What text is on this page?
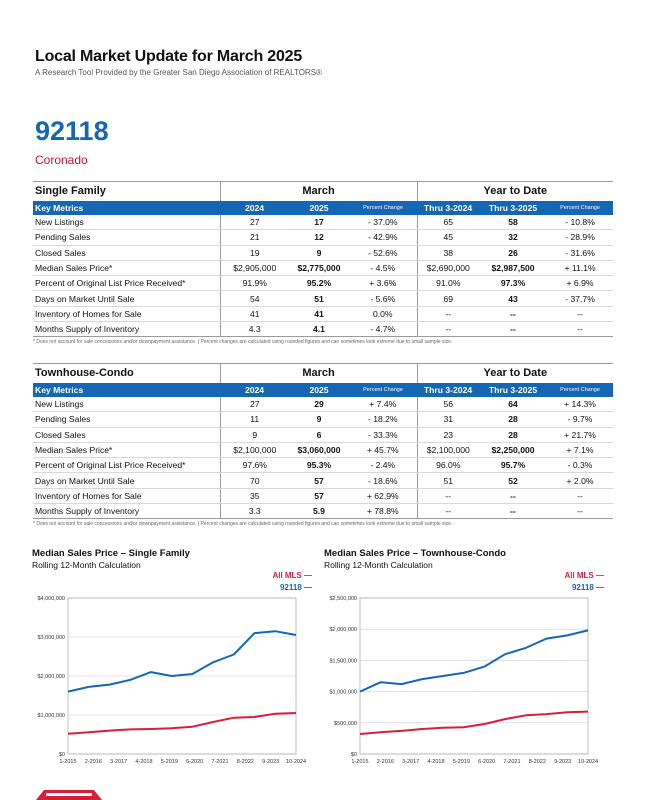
Local Market Update for March 2025
A Research Tool Provided by the Greater San Diego Association of REALTORS®
92118
Coronado
Single Family	March			Year to Date		
Key Metrics	2024	2025	Percent Change	Thru 3-2024	Thru 3-2025	Percent Change
New Listings	27	17	- 37.0%	65	58	- 10.8%
Pending Sales	21	12	- 42.9%	45	32	- 28.9%
Closed Sales	19	9	- 52.6%	38	26	- 31.6%
Median Sales Price*	$2,905,000	$2,775,000	- 4.5%	$2,690,000	$2,987,500	+ 11.1%
Percent of Original List Price Received*	91.9%	95.2%	+ 3.6%	91.0%	97.3%	+ 6.9%
Days on Market Until Sale	54	51	- 5.6%	69	43	- 37.7%
Inventory of Homes for Sale	41	41	0.0%	--	--	--
Months Supply of Inventory	4.3	4.1	- 4.7%	--	--	--
* Does not account for sale concessions and/or downpayment assistance. | Percent changes are calculated using rounded figures and can sometimes look extreme due to small sample size.
Townhouse-Condo	March			Year to Date		
Key Metrics	2024	2025	Percent Change	Thru 3-2024	Thru 3-2025	Percent Change
New Listings	27	29	+ 7.4%	56	64	+ 14.3%
Pending Sales	11	9	- 18.2%	31	28	- 9.7%
Closed Sales	9	6	- 33.3%	23	28	+ 21.7%
Median Sales Price*	$2,100,000	$3,060,000	+ 45.7%	$2,100,000	$2,250,000	+ 7.1%
Percent of Original List Price Received*	97.6%	95.3%	- 2.4%	96.0%	95.7%	- 0.3%
Days on Market Until Sale	70	57	- 18.6%	51	52	+ 2.0%
Inventory of Homes for Sale	35	57	+ 62.9%	--	--	--
Months Supply of Inventory	3.3	5.9	+ 78.8%	--	--	--
* Does not account for sale concessions and/or downpayment assistance. | Percent changes are calculated using rounded figures and can sometimes look extreme due to small sample size.
Median Sales Price – Single Family
Rolling 12-Month Calculation
All MLS —
92118 —
$0
$1,000,000
$2,000,000
$3,000,000
$4,000,000
1-2015 2-2016 3-2017 4-2018 5-2019 6-2020 7-2021 8-2022 9-2023 10-2024
Median Sales Price – Townhouse-Condo
Rolling 12-Month Calculation
All MLS —
92118 —
$0
$500,000
$1,000,000
$1,500,000
$2,000,000
$2,500,000
1-2015 2-2016 3-2017 4-2018 5-2019 6-2020 7-2021 8-2022 9-2023 10-2024
